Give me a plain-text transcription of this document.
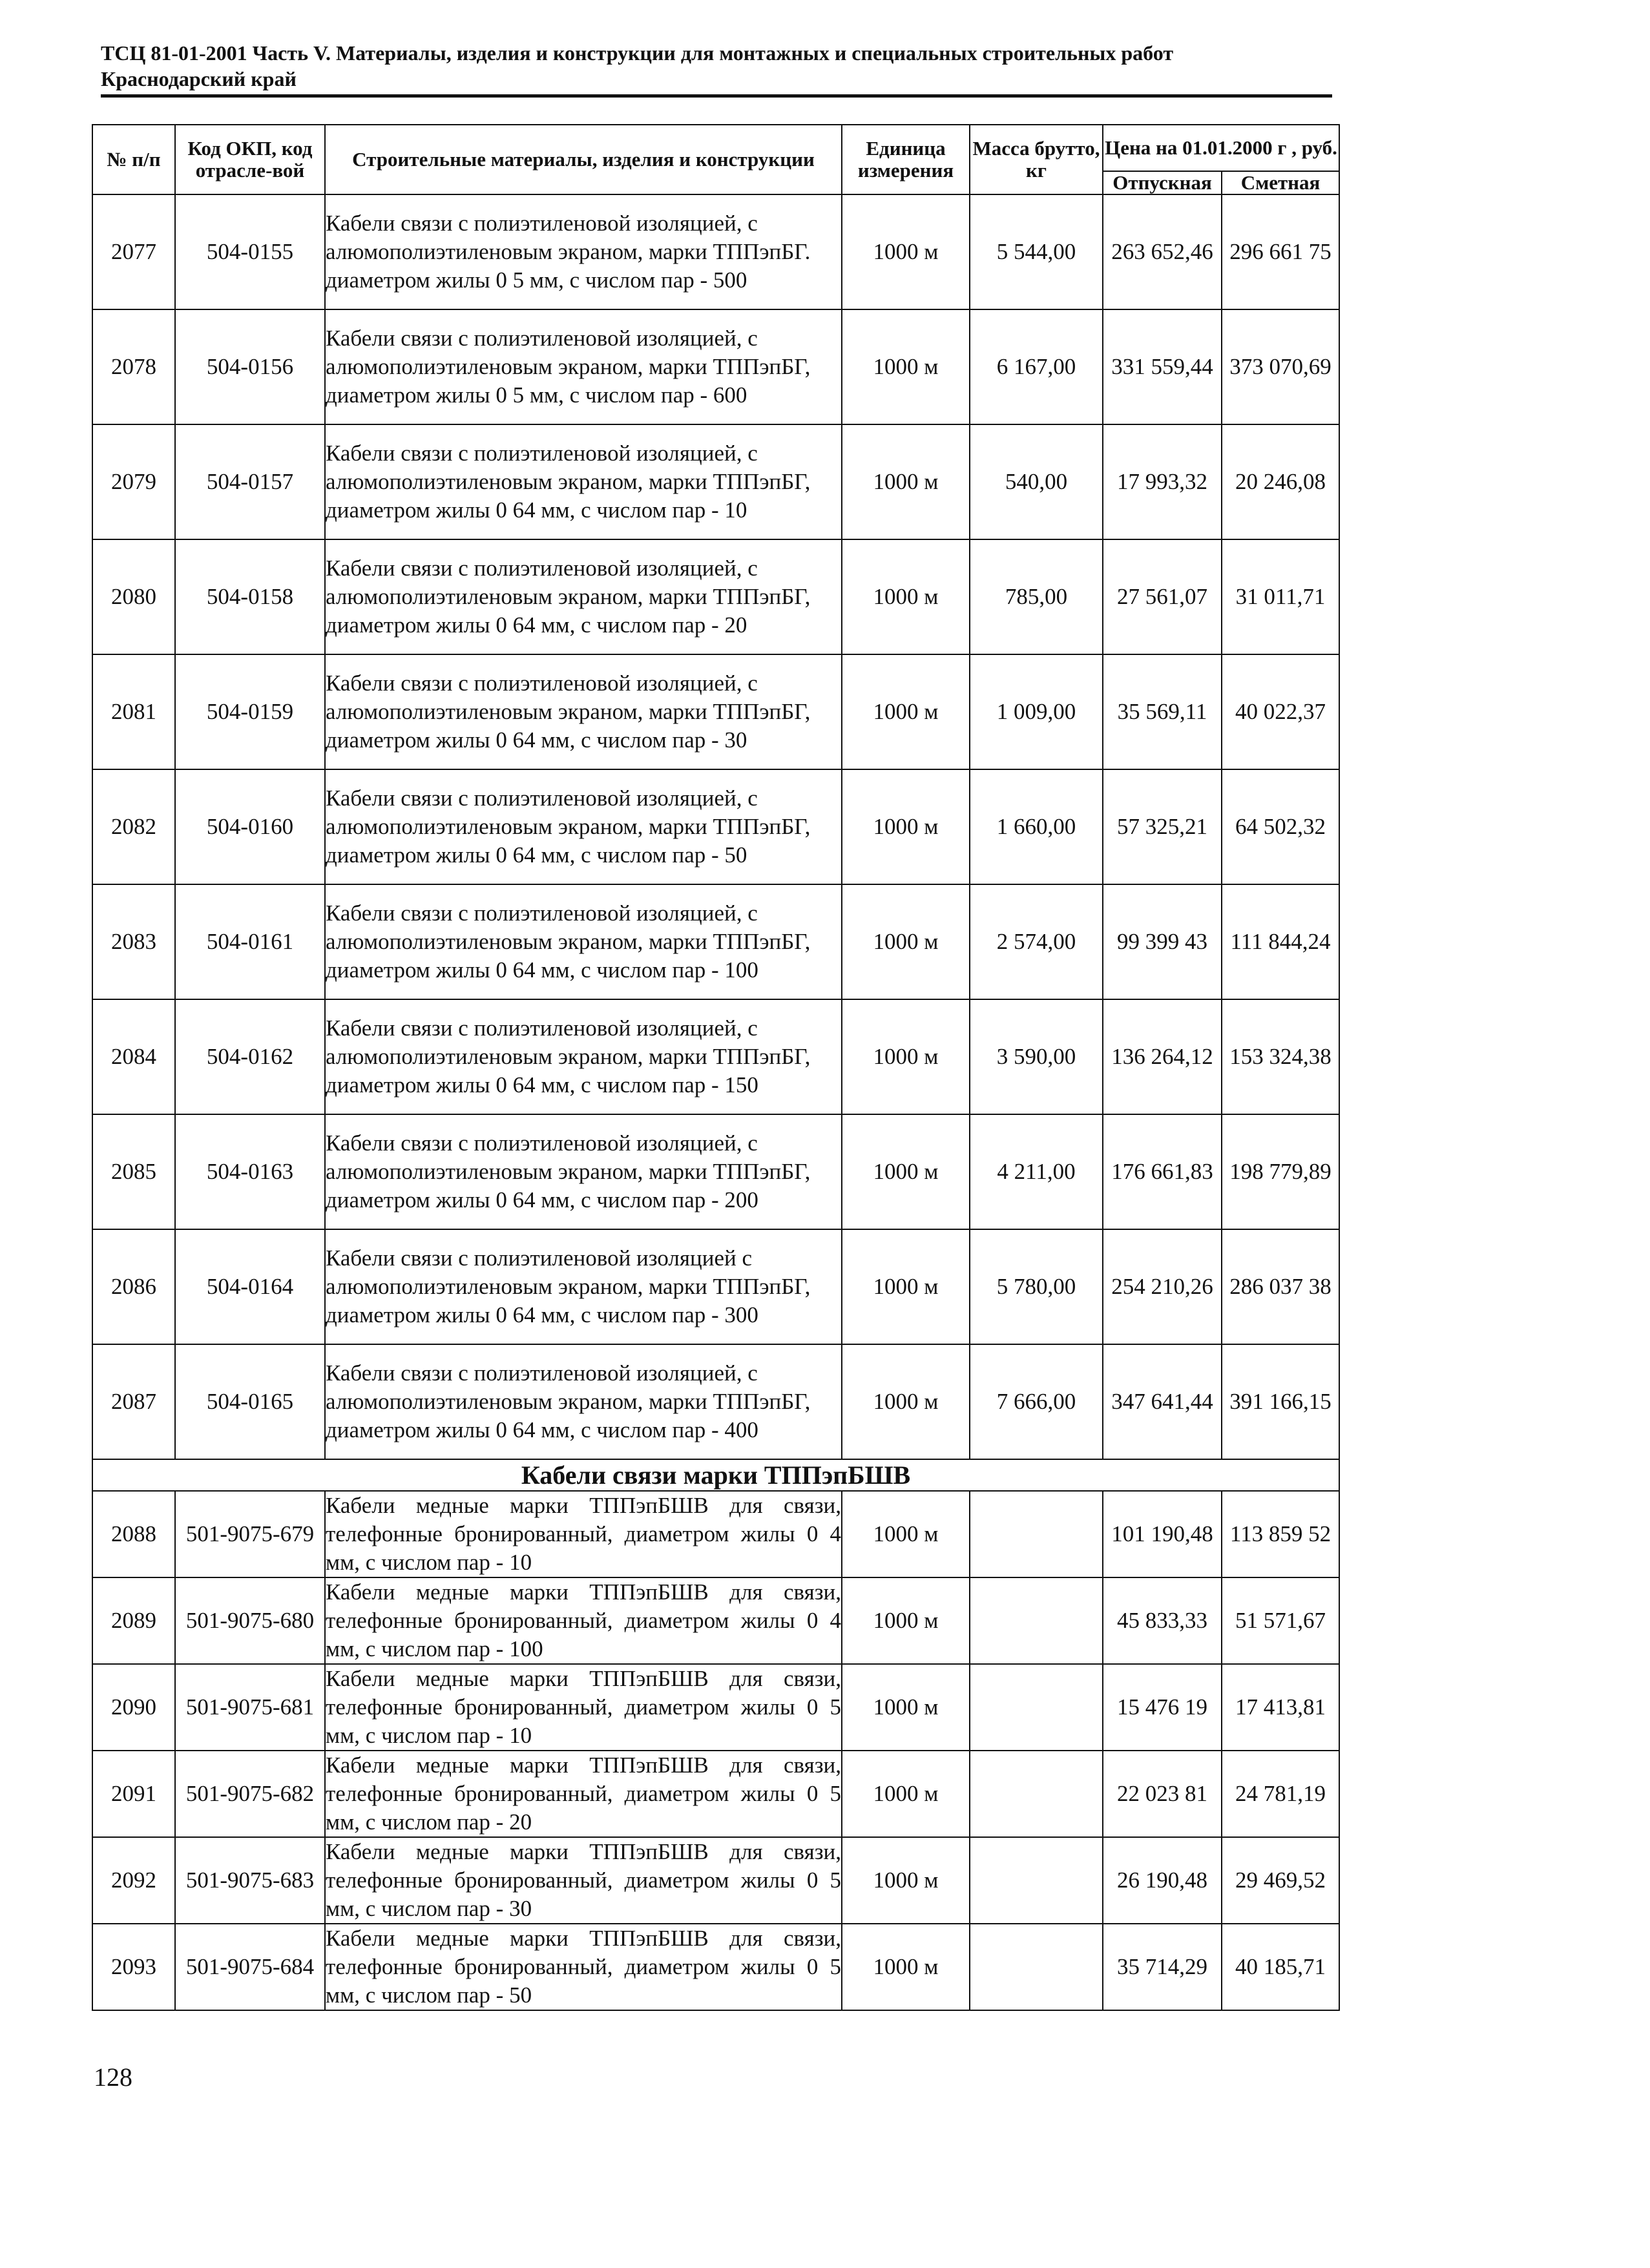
ТСЦ 81-01-2001 Часть V. Материалы, изделия и конструкции для монтажных и специальных строительных работ
Краснодарский край
№ п/п	Код ОКП, код отрасле-вой	Строительные материалы, изделия и конструкции	Единица измерения	Масса брутто, кг	Цена на 01.01.2000 г , руб.	
					Отпускная	Сметная
2077	504-0155	Кабели связи с полиэтиленовой изоляцией, с алюмополиэтиленовым экраном, марки ТППэпБГ. диаметром жилы 0 5 мм, с числом пар - 500	1000 м	5 544,00	263 652,46	296 661 75
2078	504-0156	Кабели связи с полиэтиленовой изоляцией, с алюмополиэтиленовым экраном, марки ТППэпБГ, диаметром жилы 0 5 мм, с числом пар - 600	1000 м	6 167,00	331 559,44	373 070,69
2079	504-0157	Кабели связи с полиэтиленовой изоляцией, с алюмополиэтиленовым экраном, марки ТППэпБГ, диаметром жилы 0 64 мм, с числом пар - 10	1000 м	540,00	17 993,32	20 246,08
2080	504-0158	Кабели связи с полиэтиленовой изоляцией, с алюмополиэтиленовым экраном, марки ТППэпБГ, диаметром жилы 0 64 мм, с числом пар - 20	1000 м	785,00	27 561,07	31 011,71
2081	504-0159	Кабели связи с полиэтиленовой изоляцией, с алюмополиэтиленовым экраном, марки ТППэпБГ, диаметром жилы 0 64 мм, с числом пар - 30	1000 м	1 009,00	35 569,11	40 022,37
2082	504-0160	Кабели связи с полиэтиленовой изоляцией, с алюмополиэтиленовым экраном, марки ТППэпБГ, диаметром жилы 0 64 мм, с числом пар - 50	1000 м	1 660,00	57 325,21	64 502,32
2083	504-0161	Кабели связи с полиэтиленовой изоляцией, с алюмополиэтиленовым экраном, марки ТППэпБГ, диаметром жилы 0 64 мм, с числом пар - 100	1000 м	2 574,00	99 399 43	111 844,24
2084	504-0162	Кабели связи с полиэтиленовой изоляцией, с алюмополиэтиленовым экраном, марки ТППэпБГ, диаметром жилы 0 64 мм, с числом пар - 150	1000 м	3 590,00	136 264,12	153 324,38
2085	504-0163	Кабели связи с полиэтиленовой изоляцией, с алюмополиэтиленовым экраном, марки ТППэпБГ, диаметром жилы 0 64 мм, с числом пар - 200	1000 м	4 211,00	176 661,83	198 779,89
2086	504-0164	Кабели связи с полиэтиленовой изоляцией с алюмополиэтиленовым экраном, марки ТППэпБГ, диаметром жилы 0 64 мм, с числом пар - 300	1000 м	5 780,00	254 210,26	286 037 38
2087	504-0165	Кабели связи с полиэтиленовой изоляцией, с алюмополиэтиленовым экраном, марки ТППэпБГ, диаметром жилы 0 64 мм, с числом пар - 400	1000 м	7 666,00	347 641,44	391 166,15
Кабели связи марки ТППэпБШВ						
2088	501-9075-679	Кабели медные марки ТППэпБШВ для связи, телефонные бронированный, диаметром жилы 0 4 мм, с числом пар - 10	1000 м		101 190,48	113 859 52
2089	501-9075-680	Кабели медные марки ТППэпБШВ для связи, телефонные бронированный, диаметром жилы 0 4 мм, с числом пар - 100	1000 м		45 833,33	51 571,67
2090	501-9075-681	Кабели медные марки ТППэпБШВ для связи, телефонные бронированный, диаметром жилы 0 5 мм, с числом пар - 10	1000 м		15 476 19	17 413,81
2091	501-9075-682	Кабели медные марки ТППэпБШВ для связи, телефонные бронированный, диаметром жилы 0 5 мм, с числом пар - 20	1000 м		22 023 81	24 781,19
2092	501-9075-683	Кабели медные марки ТППэпБШВ для связи, телефонные бронированный, диаметром жилы 0 5 мм, с числом пар - 30	1000 м		26 190,48	29 469,52
2093	501-9075-684	Кабели медные марки ТППэпБШВ для связи, телефонные бронированный, диаметром жилы 0 5 мм, с числом пар - 50	1000 м		35 714,29	40 185,71
128
